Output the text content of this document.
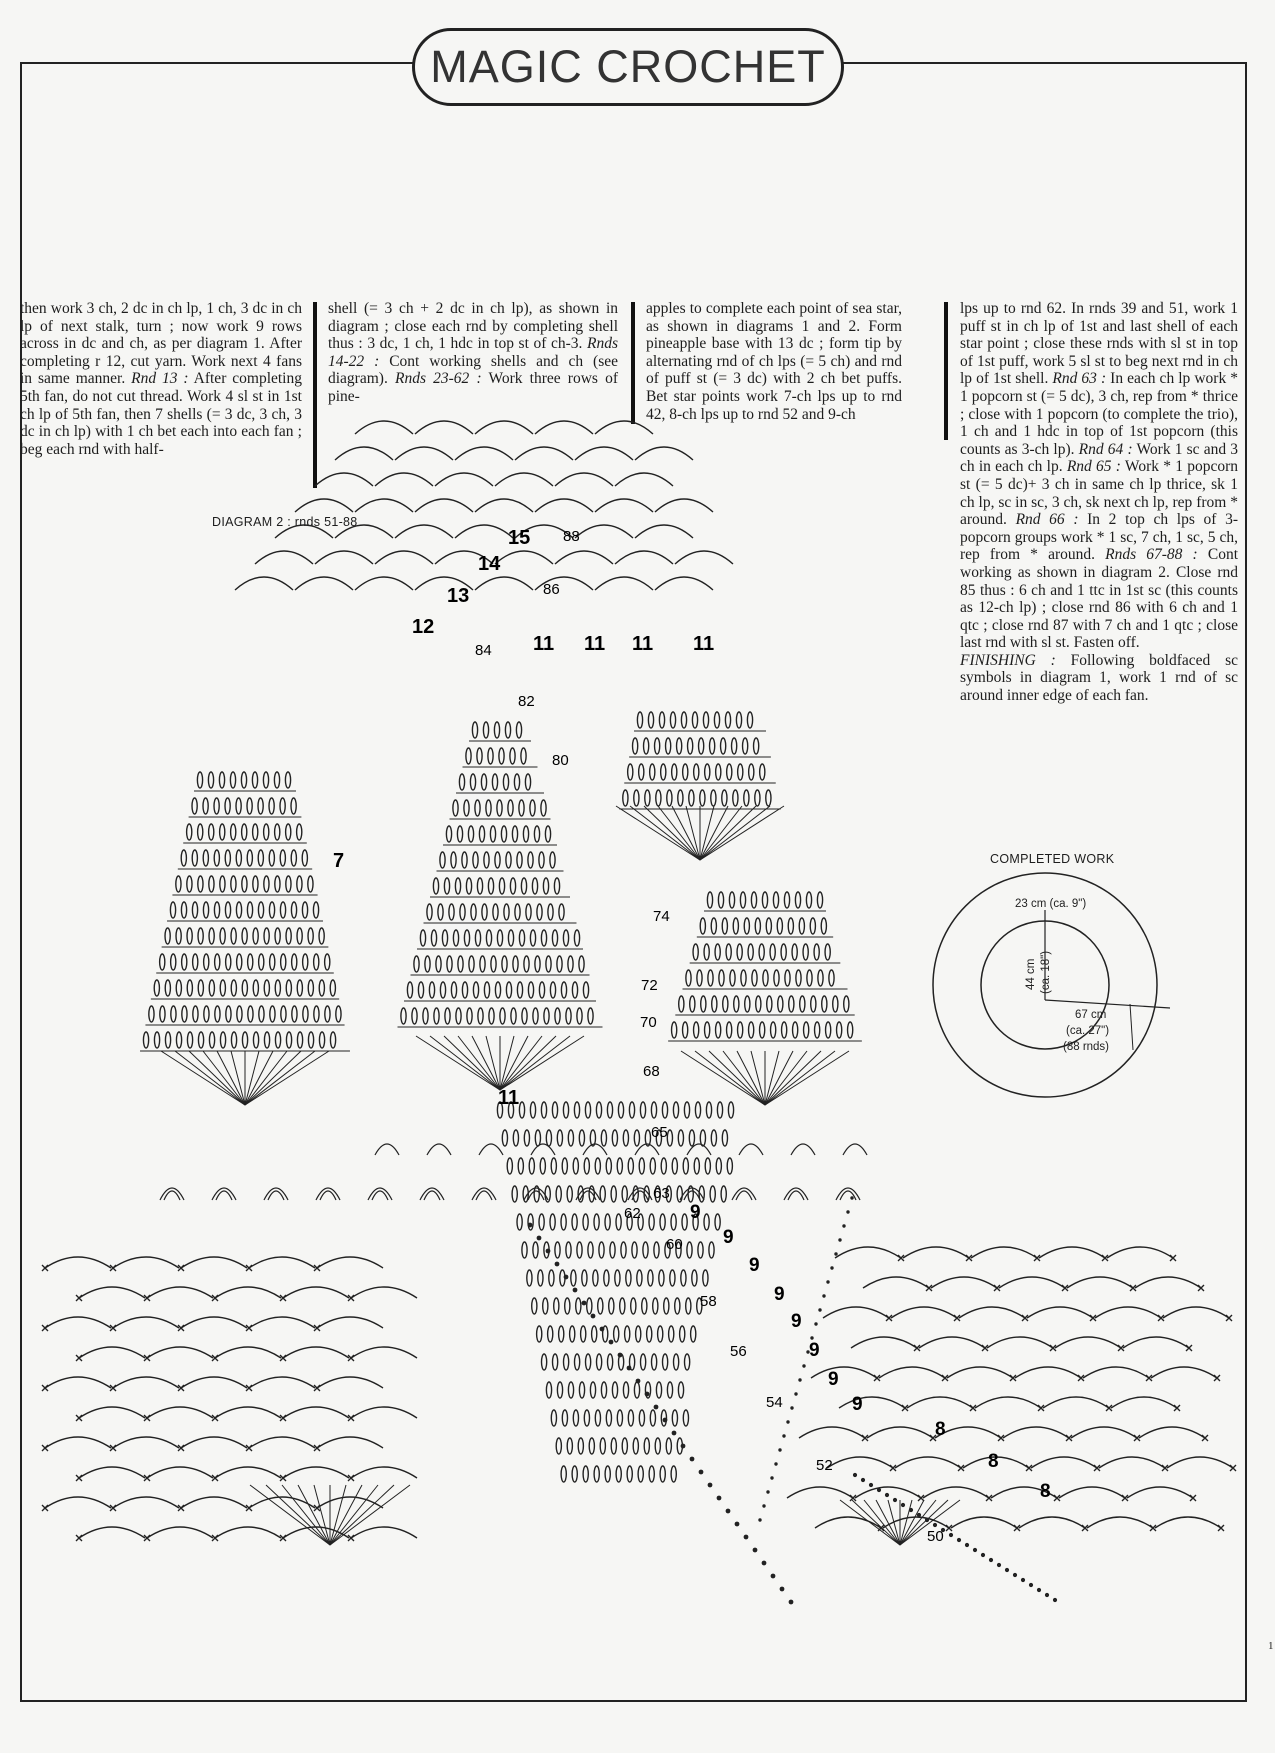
MAGIC CROCHET
then work 3 ch, 2 dc in ch lp, 1 ch, 3 dc in ch lp of next stalk, turn ; now work 9 rows across in dc and ch, as per diagram 1. After completing r 12, cut yarn. Work next 4 fans in same manner. Rnd 13 : After completing 5th fan, do not cut thread. Work 4 sl st in 1st ch lp of 5th fan, then 7 shells (= 3 dc, 3 ch, 3 dc in ch lp) with 1 ch bet each into each fan ; beg each rnd with half-
shell (= 3 ch + 2 dc in ch lp), as shown in diagram ; close each rnd by completing shell thus : 3 dc, 1 ch, 1 hdc in top st of ch-3. Rnds 14-22 : Cont working shells and ch (see diagram). Rnds 23-62 : Work three rows of pine-
apples to complete each point of sea star, as shown in diagrams 1 and 2. Form pineapple base with 13 dc ; form tip by alternating rnd of ch lps (= 5 ch) and rnd of puff st (= 3 dc) with 2 ch bet puffs. Bet star points work 7-ch lps up to rnd 42, 8-ch lps up to rnd 52 and 9-ch
lps up to rnd 62. In rnds 39 and 51, work 1 puff st in ch lp of 1st and last shell of each star point ; close these rnds with sl st in top of 1st puff, work 5 sl st to beg next rnd in ch lp of 1st shell. Rnd 63 : In each ch lp work * 1 popcorn st (= 5 dc), 3 ch, rep from * thrice ; close with 1 popcorn (to complete the trio), 1 ch and 1 hdc in top of 1st popcorn (this counts as 3-ch lp). Rnd 64 : Work 1 sc and 3 ch in each ch lp. Rnd 65 : Work * 1 popcorn st (= 5 dc)+ 3 ch in same ch lp thrice, sk 1 ch lp, sc in sc, 3 ch, sk next ch lp, rep from * around. Rnd 66 : In 2 top ch lps of 3-popcorn groups work * 1 sc, 7 ch, 1 sc, 5 ch, rep from * around. Rnds 67-88 : Cont working as shown in diagram 2. Close rnd 85 thus : 6 ch and 1 ttc in 1st sc (this counts as 12-ch lp) ; close rnd 86 with 6 ch and 1 qtc ; close rnd 87 with 7 ch and 1 qtc ; close last rnd with sl st. Fasten off.
FINISHING : Following boldfaced sc symbols in diagram 1, work 1 rnd of sc around inner edge of each fan.
DIAGRAM 2 : rnds 51-88
COMPLETED WORK
1
15
14
13
12
11 11 11 11
7
11
9
9
9
9
9
9
9
9
8
8
8
88
86
84
82
80
74
72
70
68
65
63
62
60
58
56
54
52
50
23 cm (ca. 9")
44 cm (ca. 18")
67 cm
(ca. 27")
(88 rnds)
